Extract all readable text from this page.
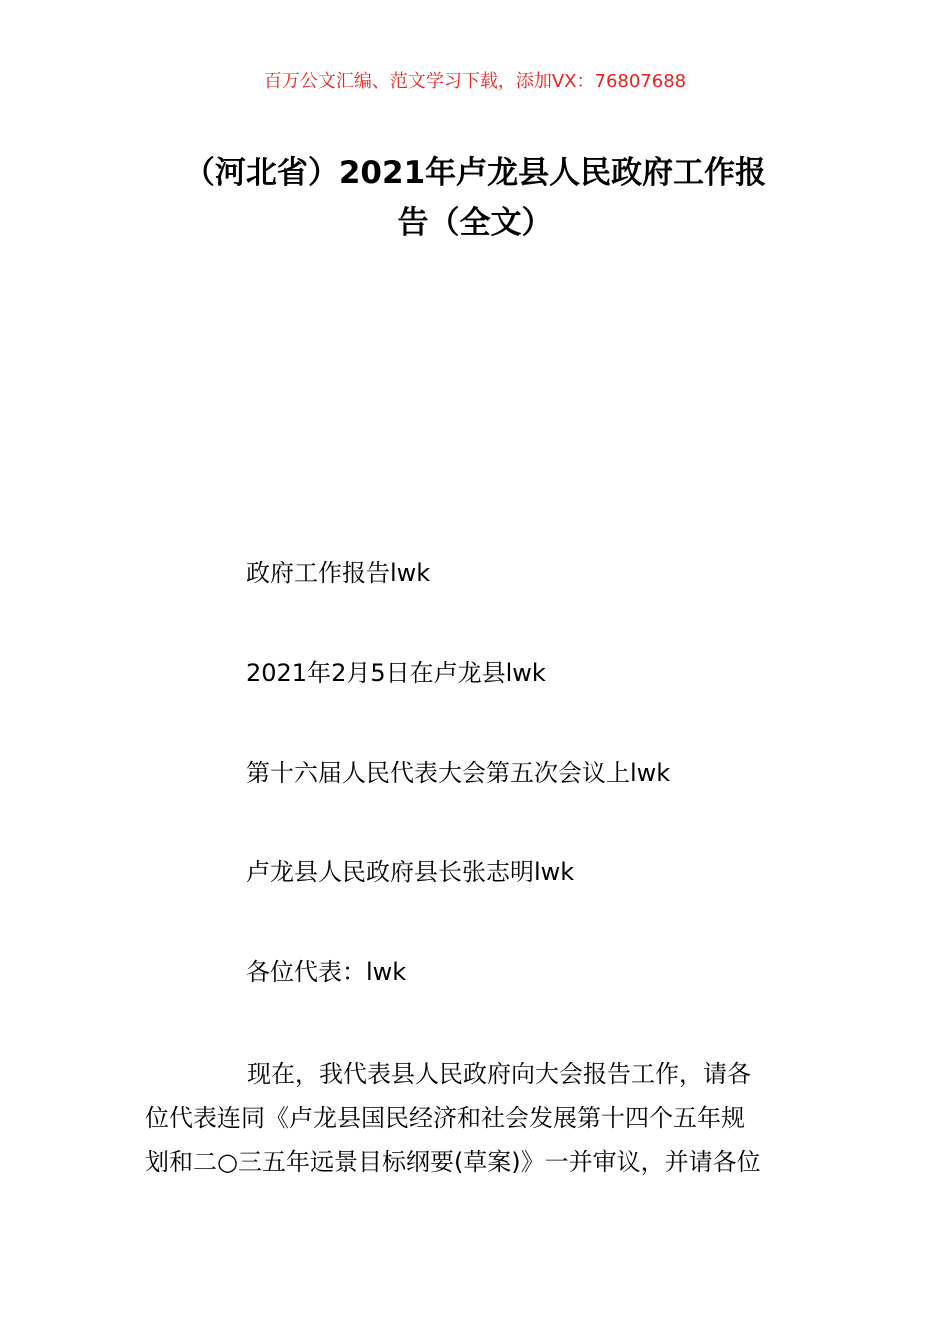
百万公文汇编、范文学习下载，添加VX：76807688
（河北省）2021年卢龙县人民政府工作报
告（全文）
政府工作报告lwk
2021年2月5日在卢龙县lwk
第十六届人民代表大会第五次会议上lwk
卢龙县人民政府县长张志明lwk
各位代表：lwk
现在，我代表县人民政府向大会报告工作，请各
位代表连同《卢龙县国民经济和社会发展第十四个五年规
划和二○三五年远景目标纲要(草案)》一并审议，并请各位
